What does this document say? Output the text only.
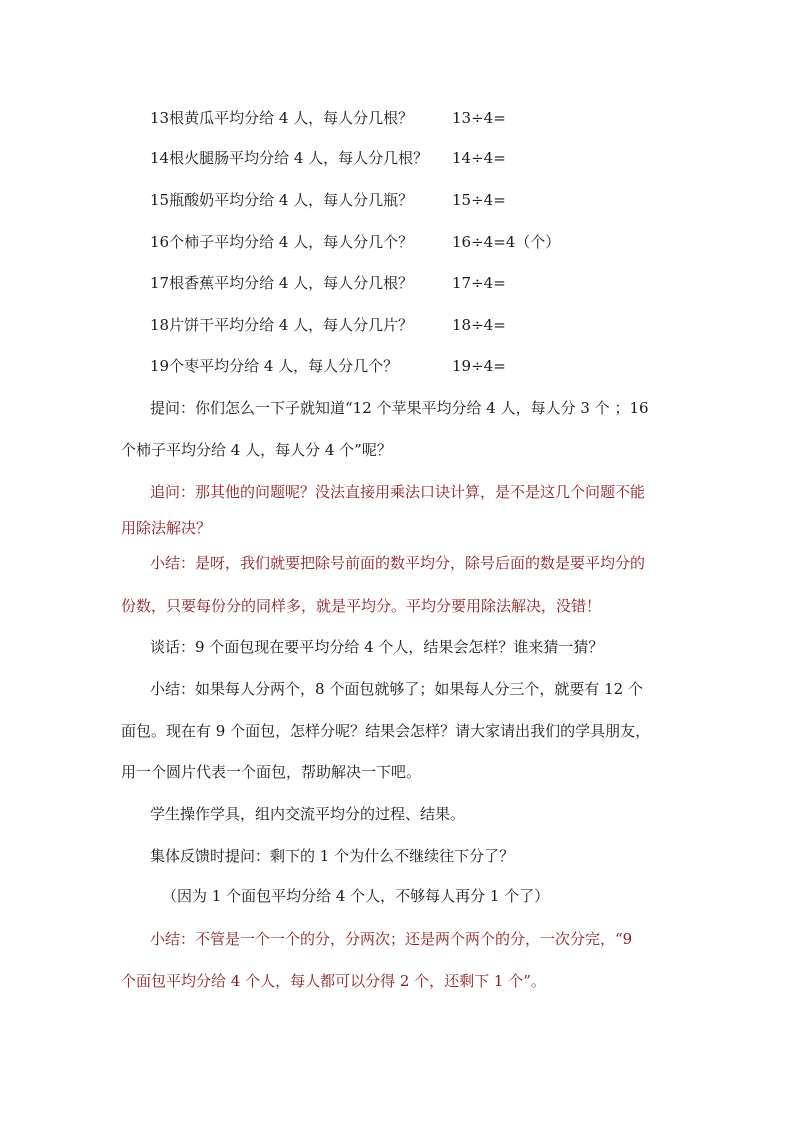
13根黄瓜平均分给 4 人，每人分几根？	13÷4=
14根火腿肠平均分给 4 人，每人分几根？ 14÷4=
15瓶酸奶平均分给 4 人，每人分几瓶？	15÷4=
16个柿子平均分给 4 人，每人分几个？	16÷4=4（个）
17根香蕉平均分给 4 人，每人分几根？	17÷4=
18片饼干平均分给 4 人，每人分几片？	18÷4=
19个枣平均分给 4 人，每人分几个？	19÷4=
提问：你们怎么一下子就知道“12 个苹果平均分给 4 人，每人分 3 个 ；16
个柿子平均分给 4 人，每人分 4 个”呢？
追问：那其他的问题呢？没法直接用乘法口诀计算，是不是这几个问题不能
用除法解决？
小结：是呀，我们就要把除号前面的数平均分，除号后面的数是要平均分的
份数，只要每份分的同样多，就是平均分。平均分要用除法解决，没错！
谈话：9 个面包现在要平均分给 4 个人，结果会怎样？谁来猜一猜？
小结：如果每人分两个，8 个面包就够了；如果每人分三个，就要有 12 个
面包。现在有 9 个面包，怎样分呢？结果会怎样？请大家请出我们的学具朋友，
用一个圆片代表一个面包，帮助解决一下吧。
学生操作学具，组内交流平均分的过程、结果。
集体反馈时提问：剩下的 1 个为什么不继续往下分了？
（因为 1 个面包平均分给 4 个人，不够每人再分 1 个了）
小结：不管是一个一个的分，分两次；还是两个两个的分，一次分完，“9
个面包平均分给 4 个人，每人都可以分得 2 个，还剩下 1 个”。
